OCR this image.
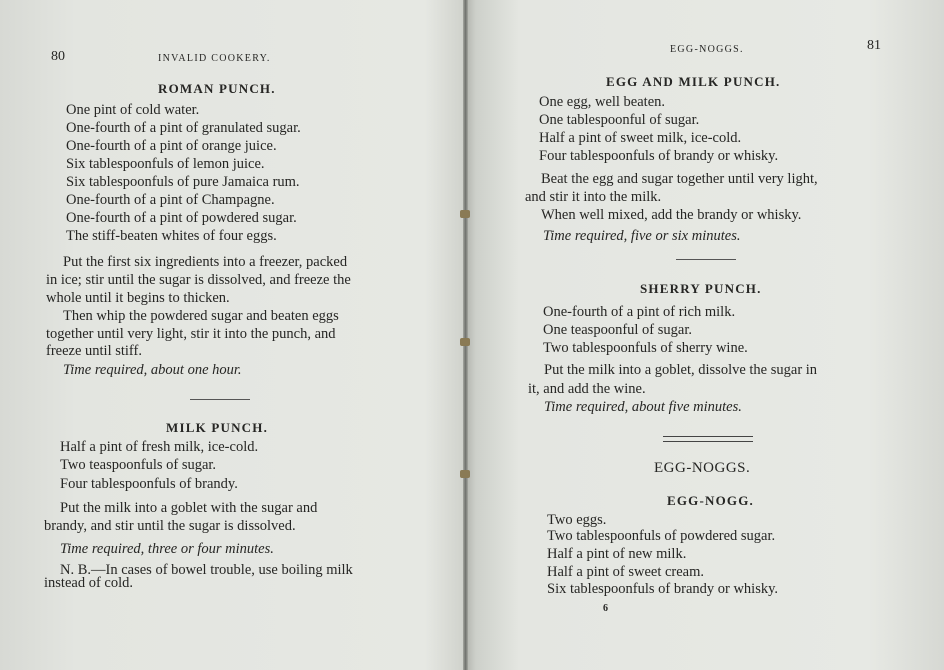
80	INVALID COOKERY.
ROMAN PUNCH.
One pint of cold water.
One-fourth of a pint of granulated sugar.
One-fourth of a pint of orange juice.
Six tablespoonfuls of lemon juice.
Six tablespoonfuls of pure Jamaica rum.
One-fourth of a pint of Champagne.
One-fourth of a pint of powdered sugar.
The stiff-beaten whites of four eggs.
Put the first six ingredients into a freezer, packed
in ice; stir until the sugar is dissolved, and freeze the
whole until it begins to thicken.
Then whip the powdered sugar and beaten eggs
together until very light, stir it into the punch, and
freeze until stiff.
Time required, about one hour.
MILK PUNCH.
Half a pint of fresh milk, ice-cold.
Two teaspoonfuls of sugar.
Four tablespoonfuls of brandy.
Put the milk into a goblet with the sugar and
brandy, and stir until the sugar is dissolved.
Time required, three or four minutes.
N. B.—In cases of bowel trouble, use boiling milk
instead of cold.
EGG-NOGGS.	81
EGG AND MILK PUNCH.
One egg, well beaten.
One tablespoonful of sugar.
Half a pint of sweet milk, ice-cold.
Four tablespoonfuls of brandy or whisky.
Beat the egg and sugar together until very light,
and stir it into the milk.
When well mixed, add the brandy or whisky.
Time required, five or six minutes.
SHERRY PUNCH.
One-fourth of a pint of rich milk.
One teaspoonful of sugar.
Two tablespoonfuls of sherry wine.
Put the milk into a goblet, dissolve the sugar in
it, and add the wine.
Time required, about five minutes.
EGG-NOGGS.
EGG-NOGG.
Two eggs.
Two tablespoonfuls of powdered sugar.
Half a pint of new milk.
Half a pint of sweet cream.
Six tablespoonfuls of brandy or whisky.
6
